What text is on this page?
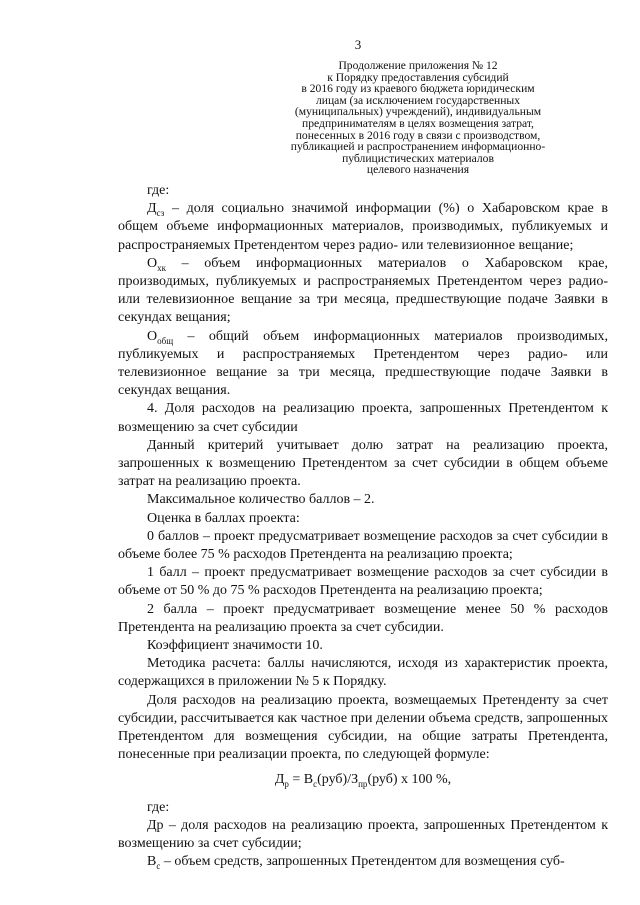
3
Продолжение приложения № 12
к Порядку предоставления субсидий
в 2016 году из краевого бюджета юридическим
лицам (за исключением государственных
(муниципальных) учреждений), индивидуальным
предпринимателям в целях возмещения затрат,
понесенных в 2016 году в связи с производством,
публикацией и распространением информационно-
публицистических материалов
целевого назначения

где:

$Д_{сз}$ – доля социально значимой информации (%) о Хабаровском крае в общем объеме информационных материалов, производимых, публикуемых и распространяемых Претендентом через радио- или телевизионное вещание;

$О_{хк}$ – объем информационных материалов о Хабаровском крае, производимых, публикуемых и распространяемых Претендентом через радио- или телевизионное вещание за три месяца, предшествующие подаче Заявки в секундах вещания;

$О_{общ}$ – общий объем информационных материалов производимых, публикуемых и распространяемых Претендентом через радио- или телевизионное вещание за три месяца, предшествующие подаче Заявки в секундах вещания.

4. Доля расходов на реализацию проекта, запрошенных Претендентом к возмещению за счет субсидии

Данный критерий учитывает долю затрат на реализацию проекта, запрошенных к возмещению Претендентом за счет субсидии в общем объеме затрат на реализацию проекта.

Максимальное количество баллов – 2.

Оценка в баллах проекта:

0 баллов – проект предусматривает возмещение расходов за счет субсидии в объеме более 75 % расходов Претендента на реализацию проекта;

1 балл – проект предусматривает возмещение расходов за счет субсидии в объеме от 50 % до 75 % расходов Претендента на реализацию проекта;

2 балла – проект предусматривает возмещение менее 50 % расходов Претендента на реализацию проекта за счет субсидии.

Коэффициент значимости 10.

Методика расчета: баллы начисляются, исходя из характеристик проекта, содержащихся в приложении № 5 к Порядку.

Доля расходов на реализацию проекта, возмещаемых Претенденту за счет субсидии, рассчитывается как частное при делении объема средств, запрошенных Претендентом для возмещения субсидии, на общие затраты Претендента, понесенные при реализации проекта, по следующей формуле:

$Д_р = В_с(руб)/З_{пр}(руб)$ х 100 %,

где:

Др – доля расходов на реализацию проекта, запрошенных Претендентом к возмещению за счет субсидии;

$В_с$ – объем средств, запрошенных Претендентом для возмещения суб-
